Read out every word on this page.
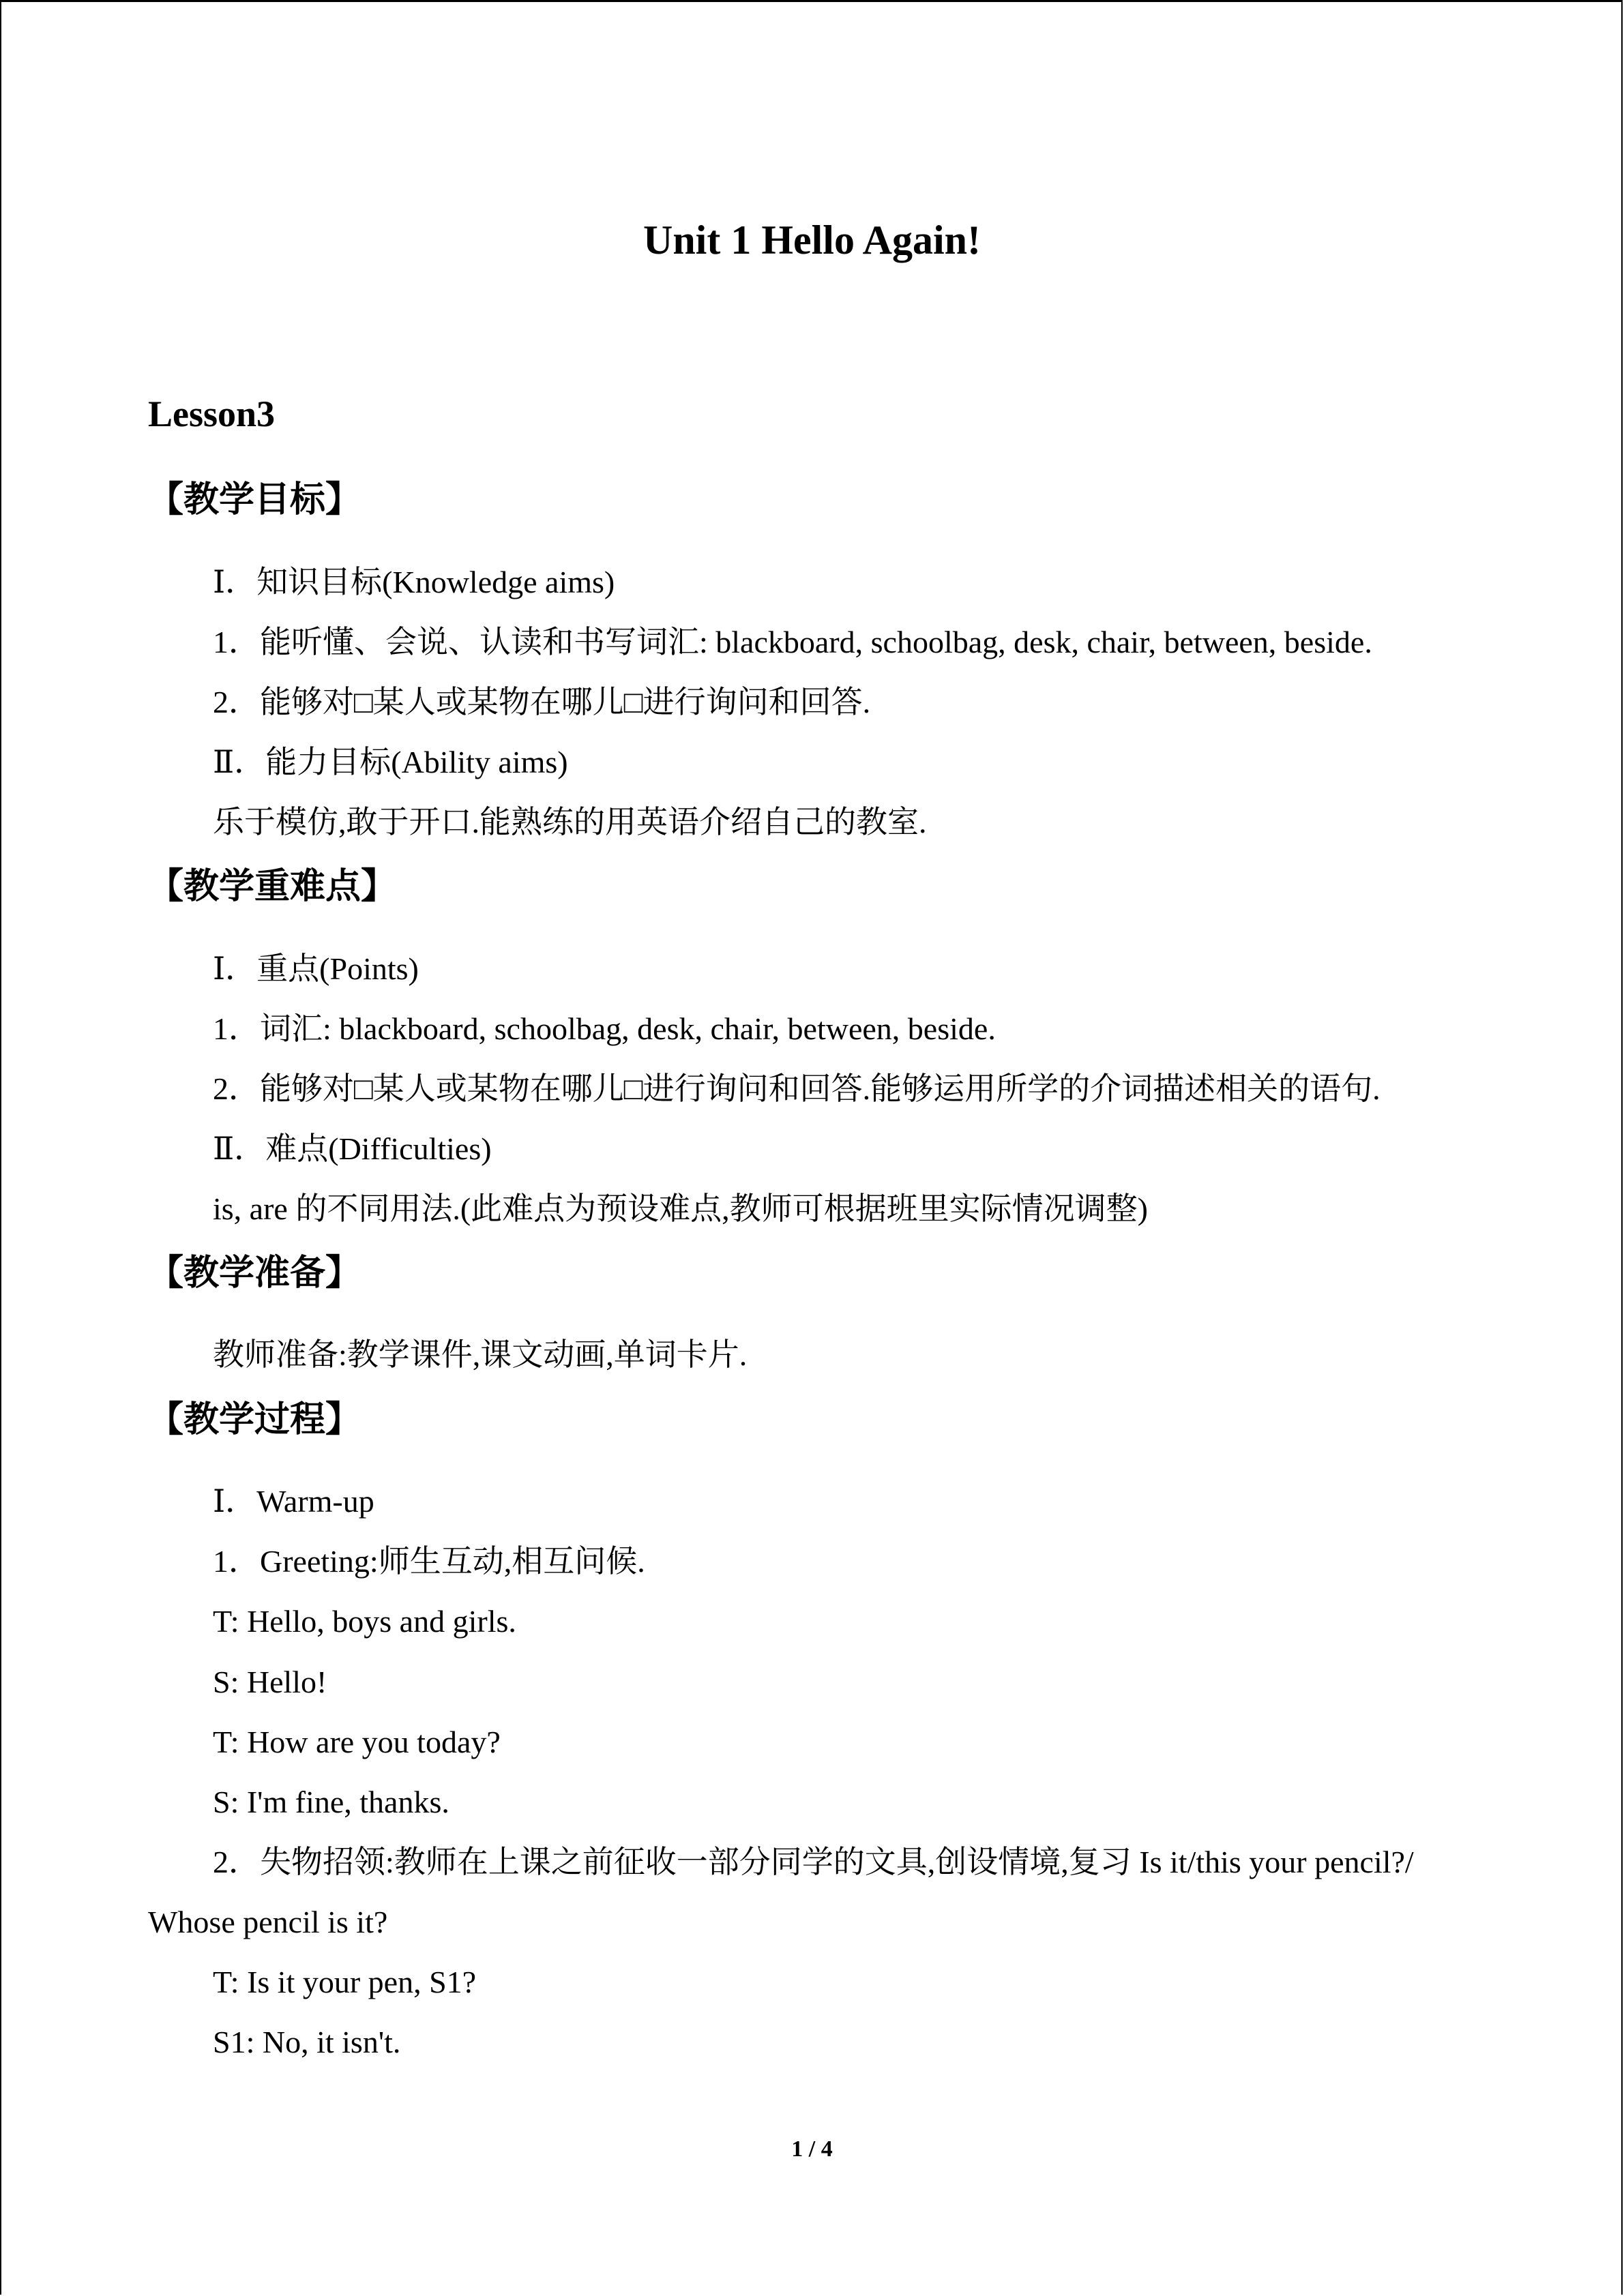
Unit 1 Hello Again!
Lesson3
【教学目标】
Ⅰ．知识目标(Knowledge aims)
1．能听懂、会说、认读和书写词汇: blackboard, schoolbag, desk, chair, between, beside.
2．能够对□某人或某物在哪儿□进行询问和回答.
Ⅱ．能力目标(Ability aims)
乐于模仿,敢于开口.能熟练的用英语介绍自己的教室.
【教学重难点】
Ⅰ．重点(Points)
1．词汇: blackboard, schoolbag, desk, chair, between, beside.
2．能够对□某人或某物在哪儿□进行询问和回答.能够运用所学的介词描述相关的语句.
Ⅱ．难点(Difficulties)
is, are 的不同用法.(此难点为预设难点,教师可根据班里实际情况调整)
【教学准备】
教师准备:教学课件,课文动画,单词卡片.
【教学过程】
Ⅰ．Warm-up
1．Greeting:师生互动,相互问候.
T: Hello, boys and girls.
S: Hello!
T: How are you today?
S: I'm fine, thanks.
2．失物招领:教师在上课之前征收一部分同学的文具,创设情境,复习 Is it/this your pencil?/
Whose pencil is it?
T: Is it your pen, S1?
S1: No, it isn't.
1 / 4
